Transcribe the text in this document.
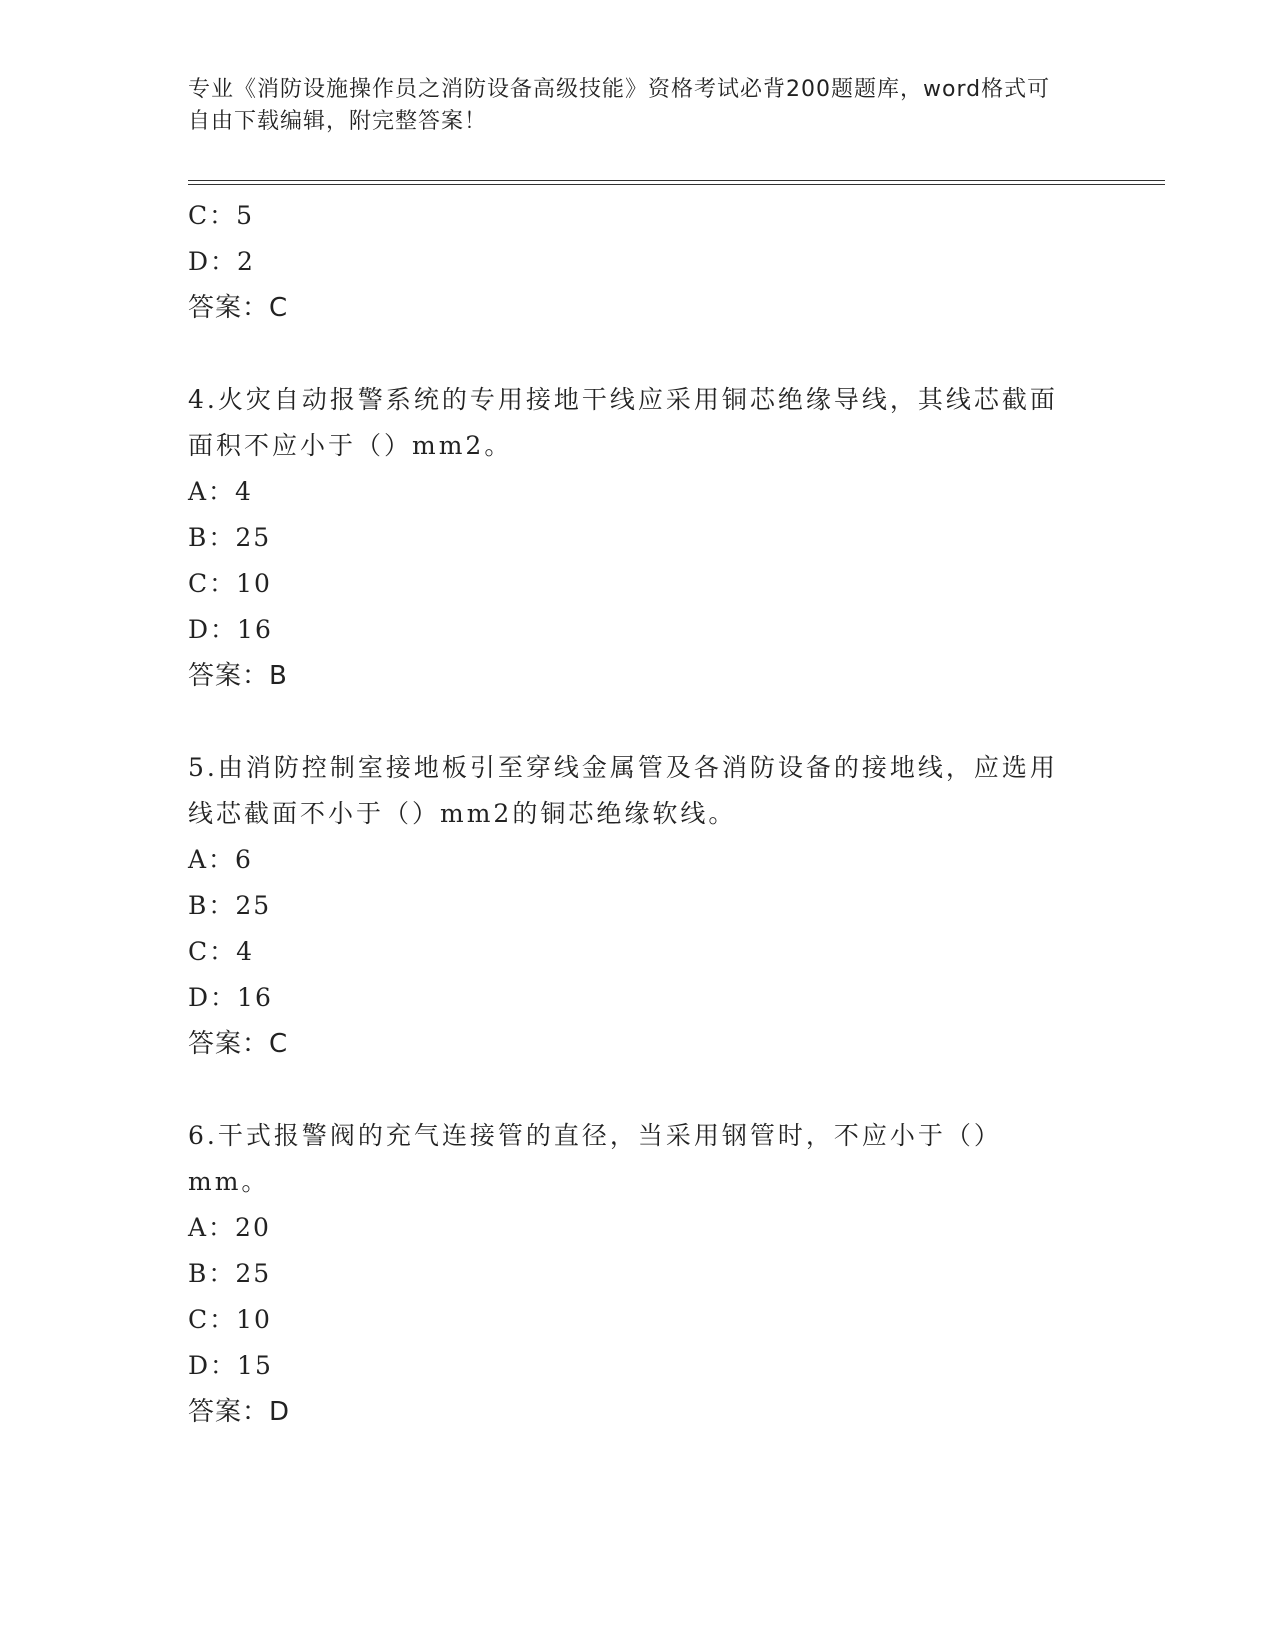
专业《消防设施操作员之消防设备高级技能》资格考试必背200题题库，word格式可自由下载编辑，附完整答案！
C：5
D：2
答案：C
4.火灾自动报警系统的专用接地干线应采用铜芯绝缘导线，其线芯截面面积不应小于（）mm2。
A：4
B：25
C：10
D：16
答案：B
5.由消防控制室接地板引至穿线金属管及各消防设备的接地线，应选用线芯截面不小于（）mm2的铜芯绝缘软线。
A：6
B：25
C：4
D：16
答案：C
6.干式报警阀的充气连接管的直径，当采用钢管时，不应小于（）mm。
A：20
B：25
C：10
D：15
答案：D
